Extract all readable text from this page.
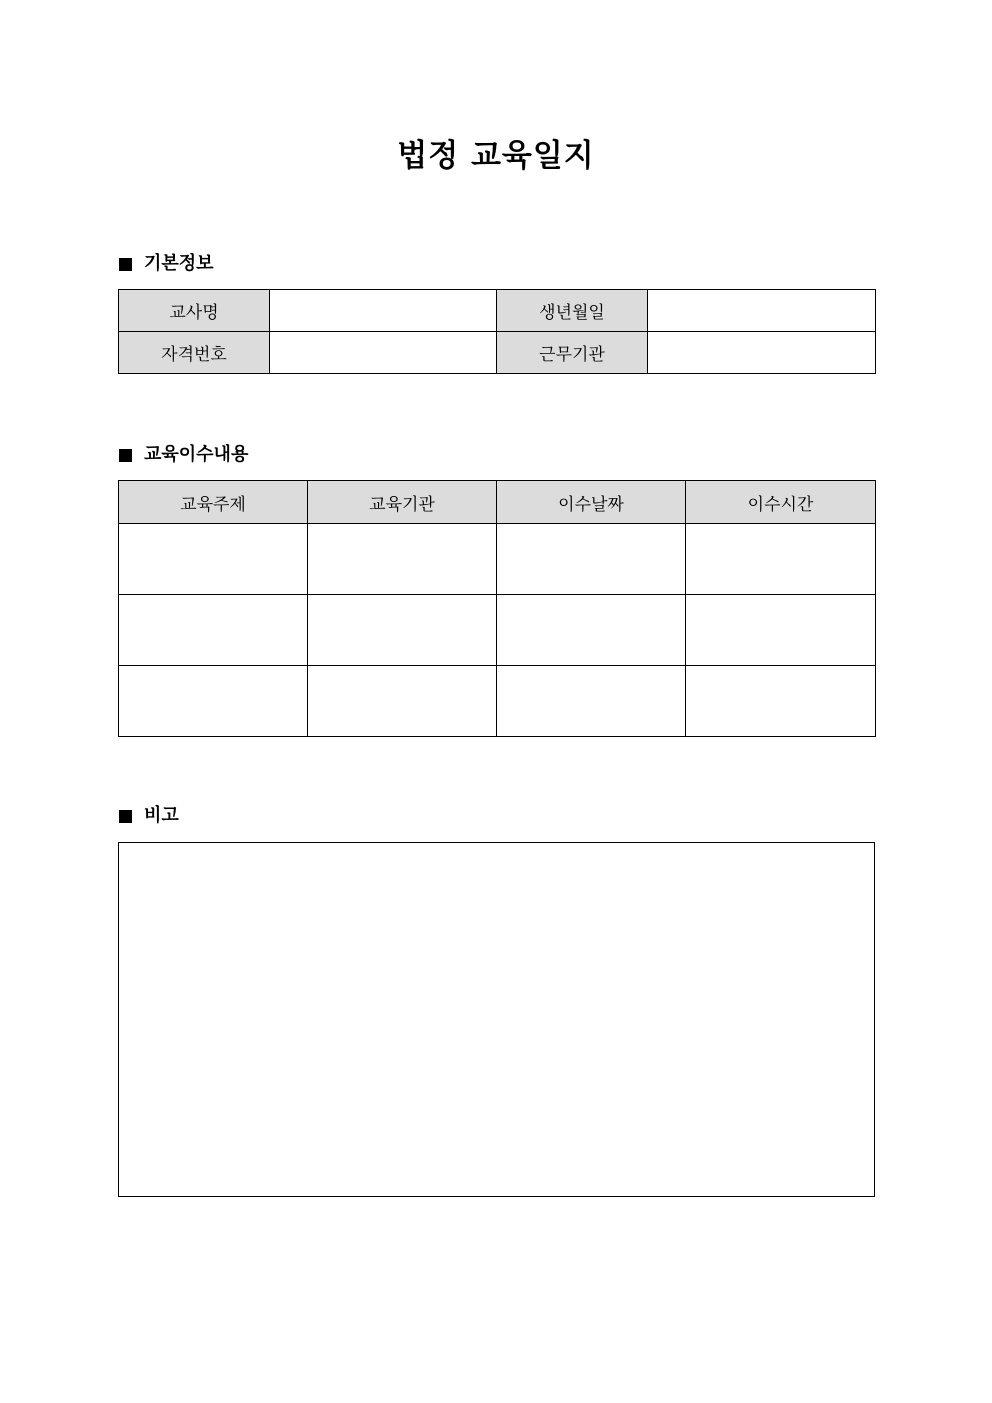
법정 교육일지
기본정보
교사명		생년월일	
자격번호		근무기관	
교육이수내용
교육주제	교육기관	이수날짜	이수시간

비고
